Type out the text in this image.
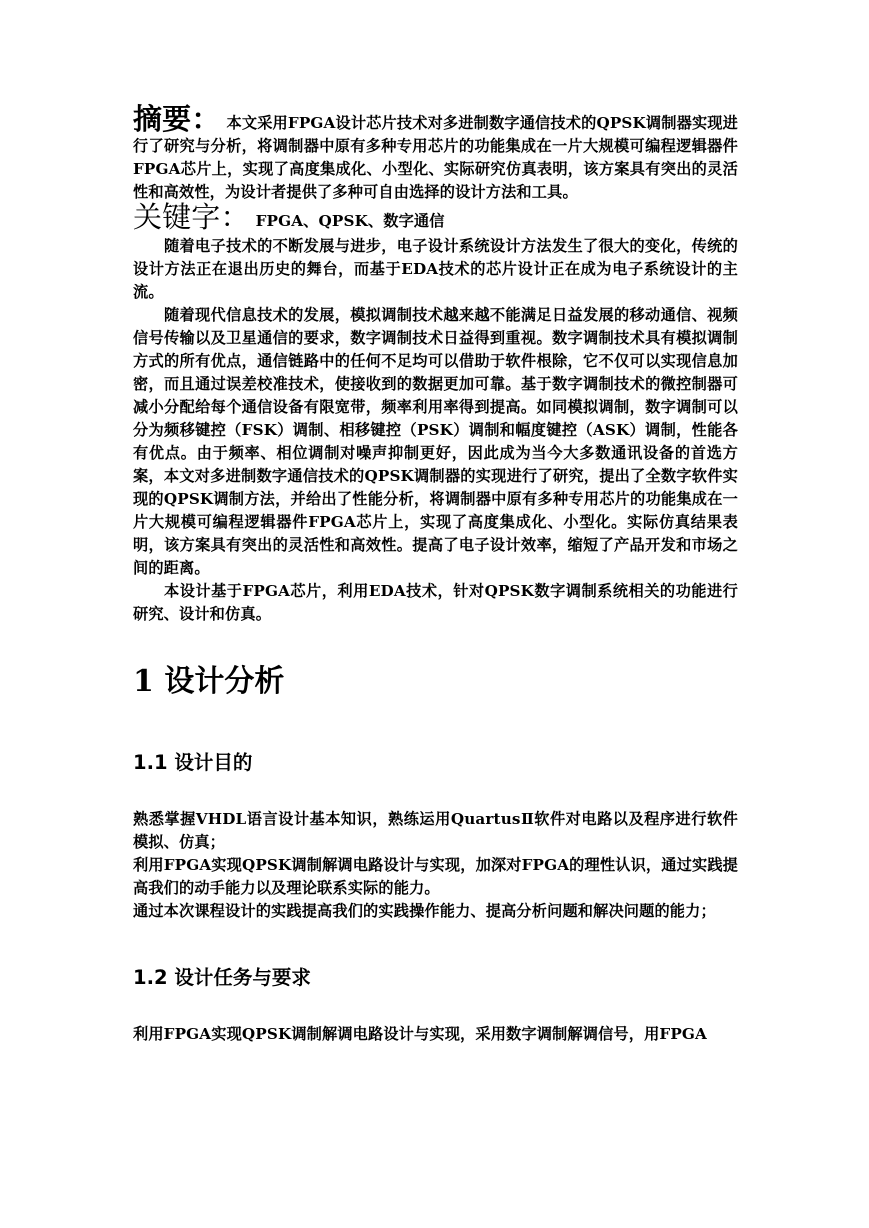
摘要： 本文采用FPGA设计芯片技术对多进制数字通信技术的QPSK调制器实现进行了研究与分析，将调制器中原有多种专用芯片的功能集成在一片大规模可编程逻辑器件FPGA芯片上，实现了高度集成化、小型化、实际研究仿真表明，该方案具有突出的灵活性和高效性，为设计者提供了多种可自由选择的设计方法和工具。

关键字： FPGA、QPSK、数字通信

随着电子技术的不断发展与进步，电子设计系统设计方法发生了很大的变化，传统的设计方法正在退出历史的舞台，而基于EDA技术的芯片设计正在成为电子系统设计的主流。

随着现代信息技术的发展，模拟调制技术越来越不能满足日益发展的移动通信、视频信号传输以及卫星通信的要求，数字调制技术日益得到重视。数字调制技术具有模拟调制方式的所有优点，通信链路中的任何不足均可以借助于软件根除，它不仅可以实现信息加密，而且通过误差校准技术，使接收到的数据更加可靠。基于数字调制技术的微控制器可减小分配给每个通信设备有限宽带，频率利用率得到提高。如同模拟调制，数字调制可以分为频移键控（FSK）调制、相移键控（PSK）调制和幅度键控（ASK）调制，性能各有优点。由于频率、相位调制对噪声抑制更好，因此成为当今大多数通讯设备的首选方案，本文对多进制数字通信技术的QPSK调制器的实现进行了研究，提出了全数字软件实现的QPSK调制方法，并给出了性能分析，将调制器中原有多种专用芯片的功能集成在一片大规模可编程逻辑器件FPGA芯片上，实现了高度集成化、小型化。实际仿真结果表明，该方案具有突出的灵活性和高效性。提高了电子设计效率，缩短了产品开发和市场之间的距离。

本设计基于FPGA芯片，利用EDA技术，针对QPSK数字调制系统相关的功能进行研究、设计和仿真。

1 设计分析
1.1 设计目的

熟悉掌握VHDL语言设计基本知识，熟练运用QuartusⅡ软件对电路以及程序进行软件模拟、仿真；

利用FPGA实现QPSK调制解调电路设计与实现，加深对FPGA的理性认识，通过实践提高我们的动手能力以及理论联系实际的能力。

通过本次课程设计的实践提高我们的实践操作能力、提高分析问题和解决问题的能力；

1.2 设计任务与要求

利用FPGA实现QPSK调制解调电路设计与实现，采用数字调制解调信号，用FPGA
